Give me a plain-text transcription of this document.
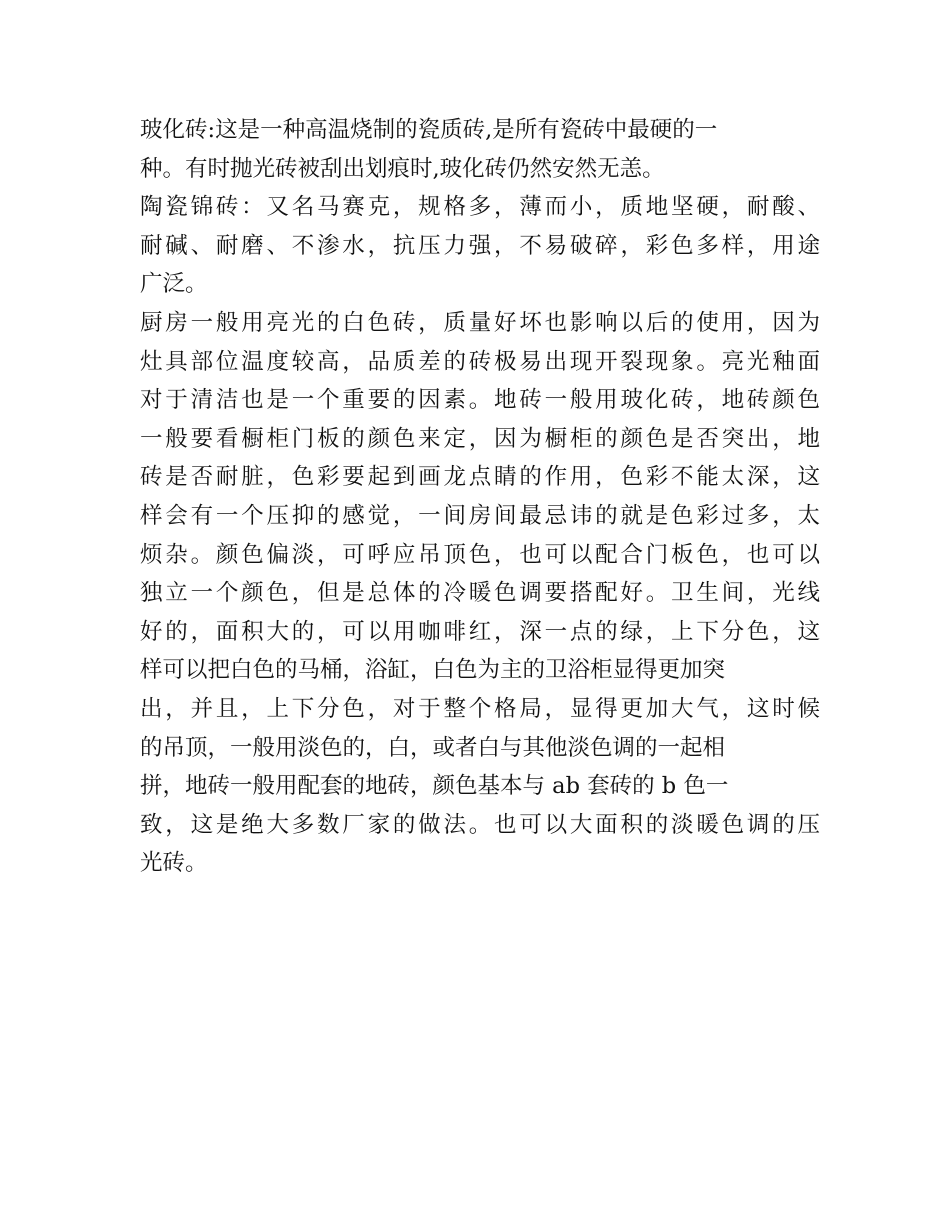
玻化砖:这是一种高温烧制的瓷质砖,是所有瓷砖中最硬的一
种。有时抛光砖被刮出划痕时,玻化砖仍然安然无恙。
陶瓷锦砖：又名马赛克，规格多，薄而小，质地坚硬，耐酸、
耐碱、耐磨、不渗水，抗压力强，不易破碎，彩色多样，用途
广泛。
厨房一般用亮光的白色砖，质量好坏也影响以后的使用，因为
灶具部位温度较高，品质差的砖极易出现开裂现象。亮光釉面
对于清洁也是一个重要的因素。地砖一般用玻化砖，地砖颜色
一般要看橱柜门板的颜色来定，因为橱柜的颜色是否突出，地
砖是否耐脏，色彩要起到画龙点睛的作用，色彩不能太深，这
样会有一个压抑的感觉，一间房间最忌讳的就是色彩过多，太
烦杂。颜色偏淡，可呼应吊顶色，也可以配合门板色，也可以
独立一个颜色，但是总体的冷暖色调要搭配好。卫生间，光线
好的，面积大的，可以用咖啡红，深一点的绿，上下分色，这
样可以把白色的马桶，浴缸，白色为主的卫浴柜显得更加突
出，并且，上下分色，对于整个格局，显得更加大气，这时候
的吊顶，一般用淡色的，白，或者白与其他淡色调的一起相
拼，地砖一般用配套的地砖，颜色基本与 ab 套砖的 b 色一
致，这是绝大多数厂家的做法。也可以大面积的淡暖色调的压
光砖。
